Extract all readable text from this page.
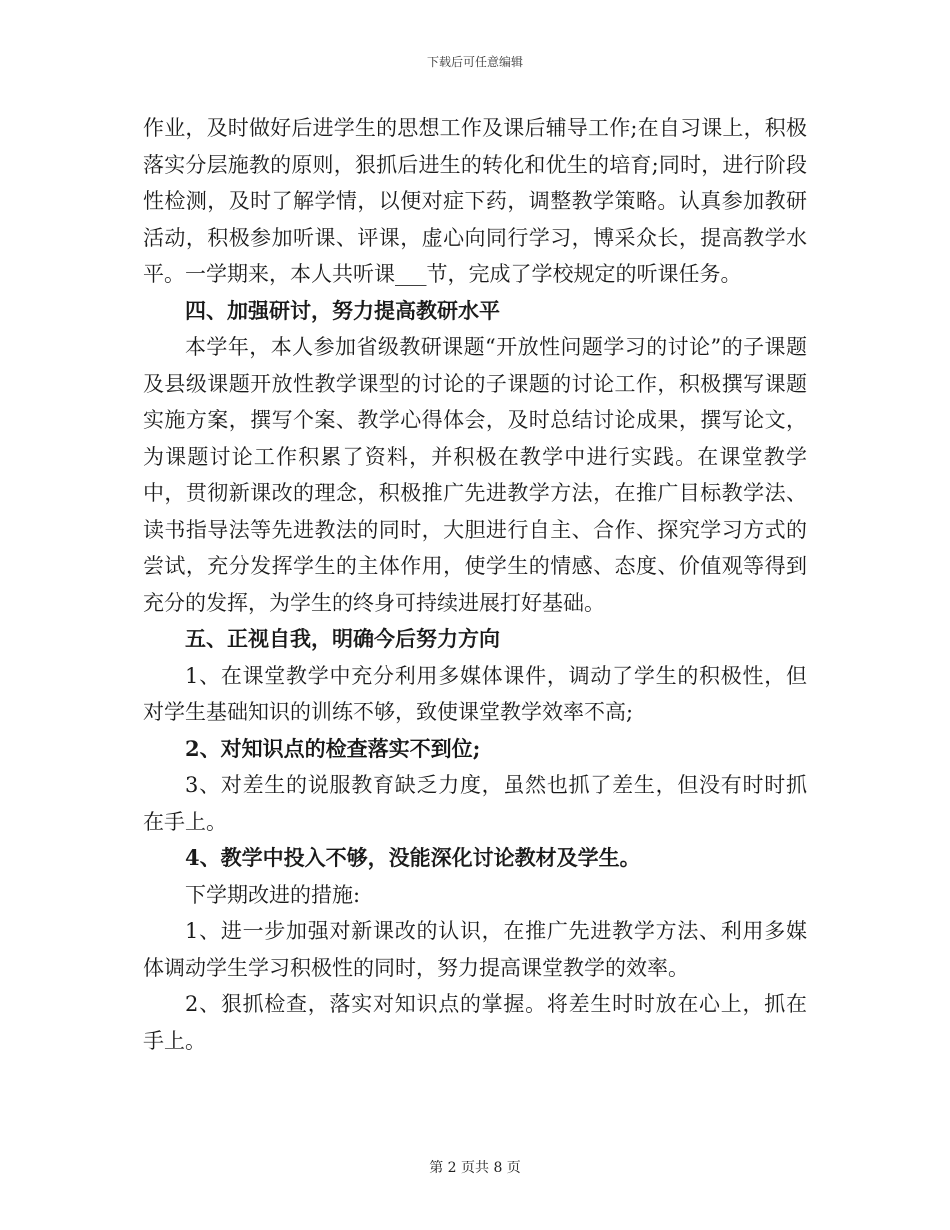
下载后可任意编辑

作业，及时做好后进学生的思想工作及课后辅导工作;在自习课上，积极落实分层施教的原则，狠抓后进生的转化和优生的培育;同时，进行阶段性检测，及时了解学情，以便对症下药，调整教学策略。认真参加教研活动，积极参加听课、评课，虚心向同行学习，博采众长，提高教学水平。一学期来，本人共听课___节，完成了学校规定的听课任务。

四、加强研讨，努力提高教研水平

本学年，本人参加省级教研课题“开放性问题学习的讨论”的子课题及县级课题开放性教学课型的讨论的子课题的讨论工作，积极撰写课题实施方案，撰写个案、教学心得体会，及时总结讨论成果，撰写论文，为课题讨论工作积累了资料，并积极在教学中进行实践。在课堂教学中，贯彻新课改的理念，积极推广先进教学方法，在推广目标教学法、读书指导法等先进教法的同时，大胆进行自主、合作、探究学习方式的尝试，充分发挥学生的主体作用，使学生的情感、态度、价值观等得到充分的发挥，为学生的终身可持续进展打好基础。

五、正视自我，明确今后努力方向

1、在课堂教学中充分利用多媒体课件，调动了学生的积极性，但对学生基础知识的训练不够，致使课堂教学效率不高;

2、对知识点的检查落实不到位;

3、对差生的说服教育缺乏力度，虽然也抓了差生，但没有时时抓在手上。

4、教学中投入不够，没能深化讨论教材及学生。

下学期改进的措施:

1、进一步加强对新课改的认识，在推广先进教学方法、利用多媒体调动学生学习积极性的同时，努力提高课堂教学的效率。

2、狠抓检查，落实对知识点的掌握。将差生时时放在心上，抓在手上。

第 2 页共 8 页
